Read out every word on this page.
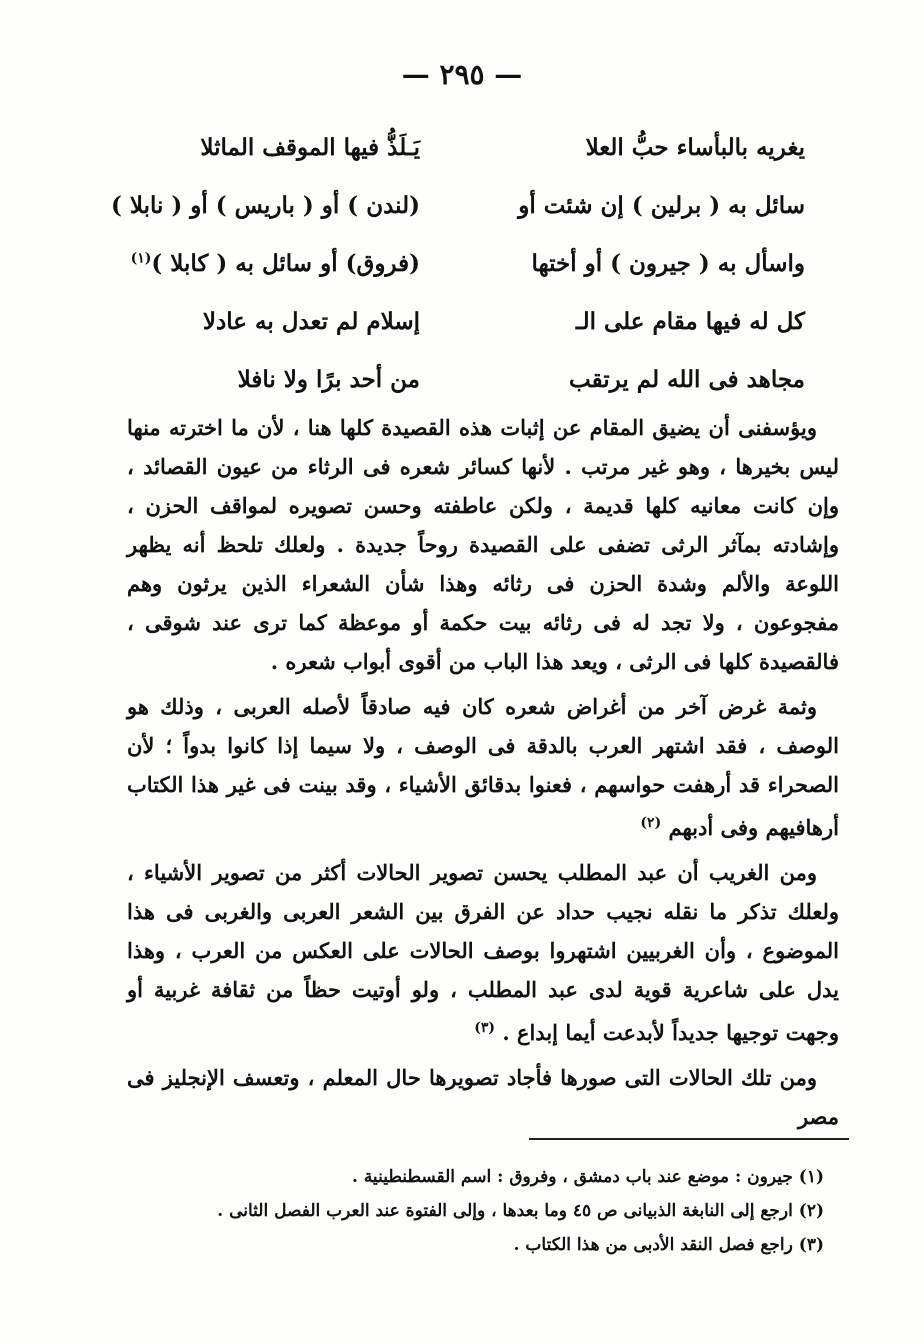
— ٢٩٥ —
يغريه بالبأساء حبُّ العلا
يَـلَذُّ فيها الموقف الماثلا
سائل به ( برلين ) إن شئت أو
(لندن ) أو ( باريس ) أو ( نابلا )
واسأل به ( جيرون ) أو أختها
(فروق) أو سائل به ( كابلا )$^{(١)}$
كل له فيها مقام على الـ
إسلام لم تعدل به عادلا
مجاهد فى الله لم يرتقب
من أحد برًا ولا نافلا

ويؤسفنى أن يضيق المقام عن إثبات هذه القصيدة كلها هنا ، لأن ما اخترته منها ليس بخيرها ، وهو غير مرتب . لأنها كسائر شعره فى الرثاء من عيون القصائد ، وإن كانت معانيه كلها قديمة ، ولكن عاطفته وحسن تصويره لمواقف الحزن ، وإشادته بمآثر الرثى تضفى على القصيدة روحاً جديدة . ولعلك تلحظ أنه يظهر اللوعة والألم وشدة الحزن فى رثائه وهذا شأن الشعراء الذين يرثون وهم مفجوعون ، ولا تجد له فى رثائه بيت حكمة أو موعظة كما ترى عند شوقى ، فالقصيدة كلها فى الرثى ، ويعد هذا الباب من أقوى أبواب شعره .

وثمة غرض آخر من أغراض شعره كان فيه صادقاً لأصله العربى ، وذلك هو الوصف ، فقد اشتهر العرب بالدقة فى الوصف ، ولا سيما إذا كانوا بدواً ؛ لأن الصحراء قد أرهفت حواسهم ، فعنوا بدقائق الأشياء ، وقد بينت فى غير هذا الكتاب أرهافيهم وفى أدبهم $^{(٢)}$

ومن الغريب أن عبد المطلب يحسن تصوير الحالات أكثر من تصوير الأشياء ، ولعلك تذكر ما نقله نجيب حداد عن الفرق بين الشعر العربى والغربى فى هذا الموضوع ، وأن الغربيين اشتهروا بوصف الحالات على العكس من العرب ، وهذا يدل على شاعرية قوية لدى عبد المطلب ، ولو أوتيت حظاً من ثقافة غربية أو وجهت توجيها جديداً لأبدعت أيما إبداع . $^{(٣)}$

ومن تلك الحالات التى صورها فأجاد تصويرها حال المعلم ، وتعسف الإنجليز فى مصر

(١) جيرون : موضع عند باب دمشق ، وفروق : اسم القسطنطينية .

(٢) ارجع إلى النابغة الذبيانى ص ٤٥ وما بعدها ، وإلى الفتوة عند العرب الفصل الثانى .

(٣) راجع فصل النقد الأدبى من هذا الكتاب .
